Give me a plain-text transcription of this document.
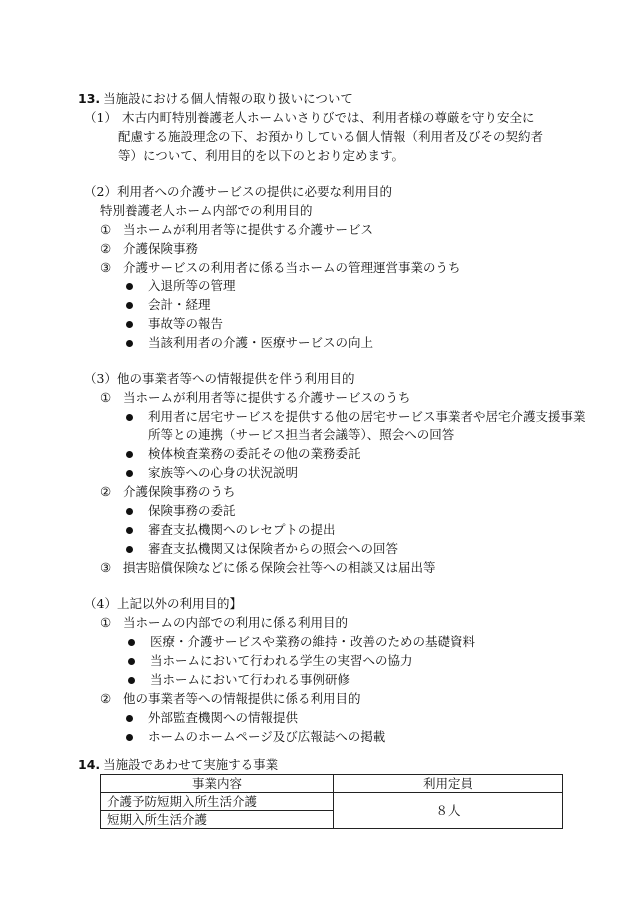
13. 当施設における個人情報の取り扱いについて
（1） 木古内町特別養護老人ホームいさりびでは、利用者様の尊厳を守り安全に
配慮する施設理念の下、お預かりしている個人情報（利用者及びその契約者
等）について、利用目的を以下のとおり定めます。
（2）利用者への介護サービスの提供に必要な利用目的
特別養護老人ホーム内部での利用目的
① 当ホームが利用者等に提供する介護サービス
② 介護保険事務
③ 介護サービスの利用者に係る当ホームの管理運営事業のうち
入退所等の管理
会計・経理
事故等の報告
当該利用者の介護・医療サービスの向上
（3）他の事業者等への情報提供を伴う利用目的
① 当ホームが利用者等に提供する介護サービスのうち
利用者に居宅サービスを提供する他の居宅サービス事業者や居宅介護支援事業所等との連携（サービス担当者会議等）、照会への回答
検体検査業務の委託その他の業務委託
家族等への心身の状況説明
② 介護保険事務のうち
保険事務の委託
審査支払機関へのレセプトの提出
審査支払機関又は保険者からの照会への回答
③ 損害賠償保険などに係る保険会社等への相談又は届出等
（4）上記以外の利用目的】
① 当ホームの内部での利用に係る利用目的
医療・介護サービスや業務の維持・改善のための基礎資料
当ホームにおいて行われる学生の実習への協力
当ホームにおいて行われる事例研修
② 他の事業者等への情報提供に係る利用目的
外部監査機関への情報提供
ホームのホームページ及び広報誌への掲載
14. 当施設であわせて実施する事業
事業内容	利用定員
介護予防短期入所生活介護	８人
短期入所生活介護	
